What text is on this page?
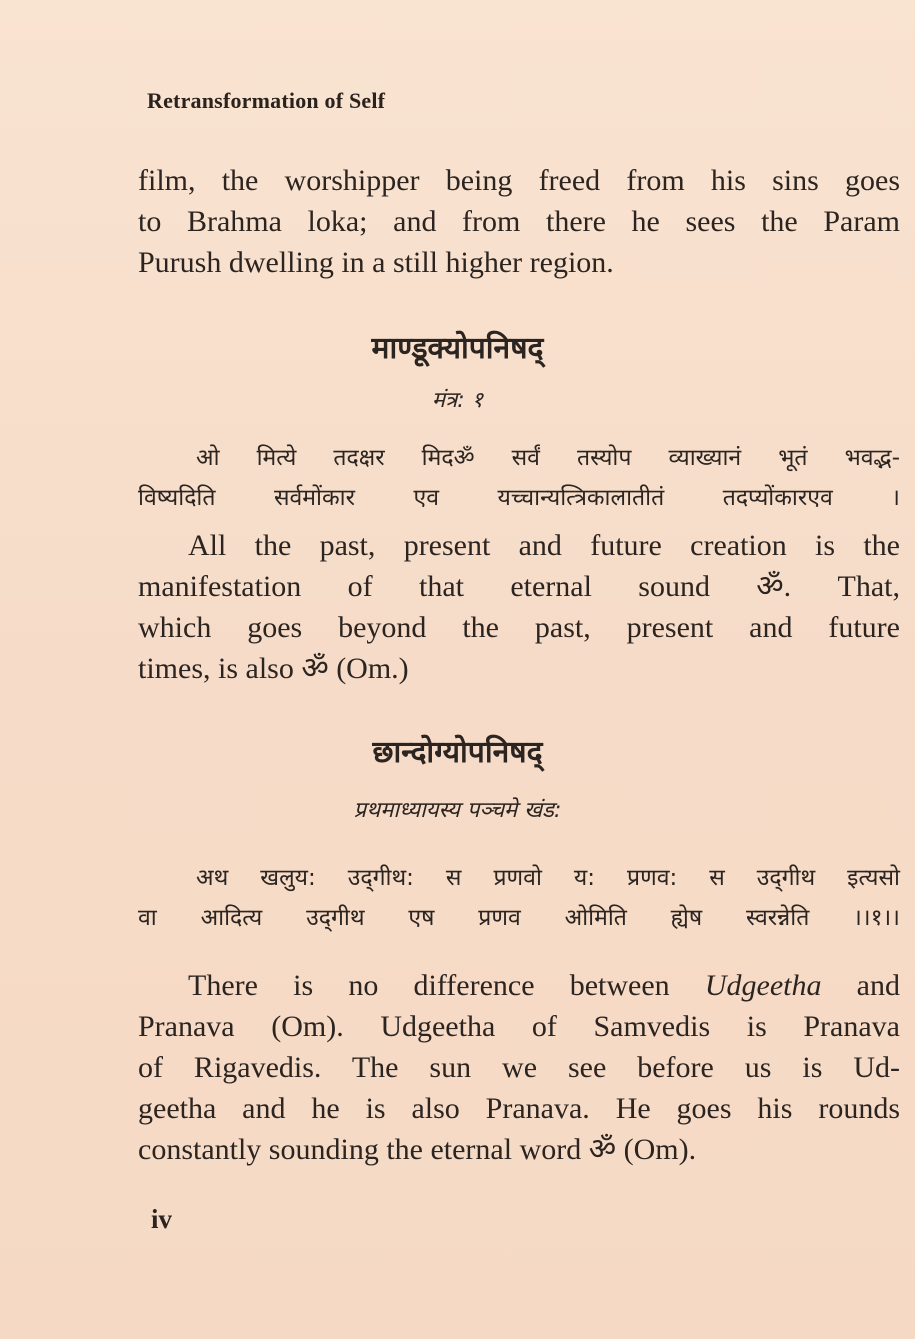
Retransformation of Self
film, the worshipper being freed from his sins goes
to Brahma loka; and from there he sees the Param
Purush dwelling in a still higher region.
माण्डूक्योपनिषद्
मंत्र: १
ओ मित्ये तदक्षर मिदॐ सर्वं तस्योप व्याख्यानं भूतं भवद्भ-
विष्यदिति सर्वमोंकार एव यच्चान्यत्त्रिकालातीतं तदप्योंकारएव ।
All the past, present and future creation is the
manifestation of that eternal sound ॐ. That,
which goes beyond the past, present and future
times, is also ॐ (Om.)
छान्दोग्योपनिषद्
प्रथमाध्यायस्य पञ्चमे खंड:
अथ खलुय: उद्‌गीथ: स प्रणवो य: प्रणव: स उद्‌गीथ इत्यसो
वा आदित्य उद्‌गीथ एष प्रणव ओमिति ह्येष स्वरन्नेति ।।१।।
There is no difference between Udgeetha and
Pranava (Om). Udgeetha of Samvedis is Pranava
of Rigavedis. The sun we see before us is Ud-
geetha and he is also Pranava. He goes his rounds
constantly sounding the eternal word ॐ (Om).
iv
